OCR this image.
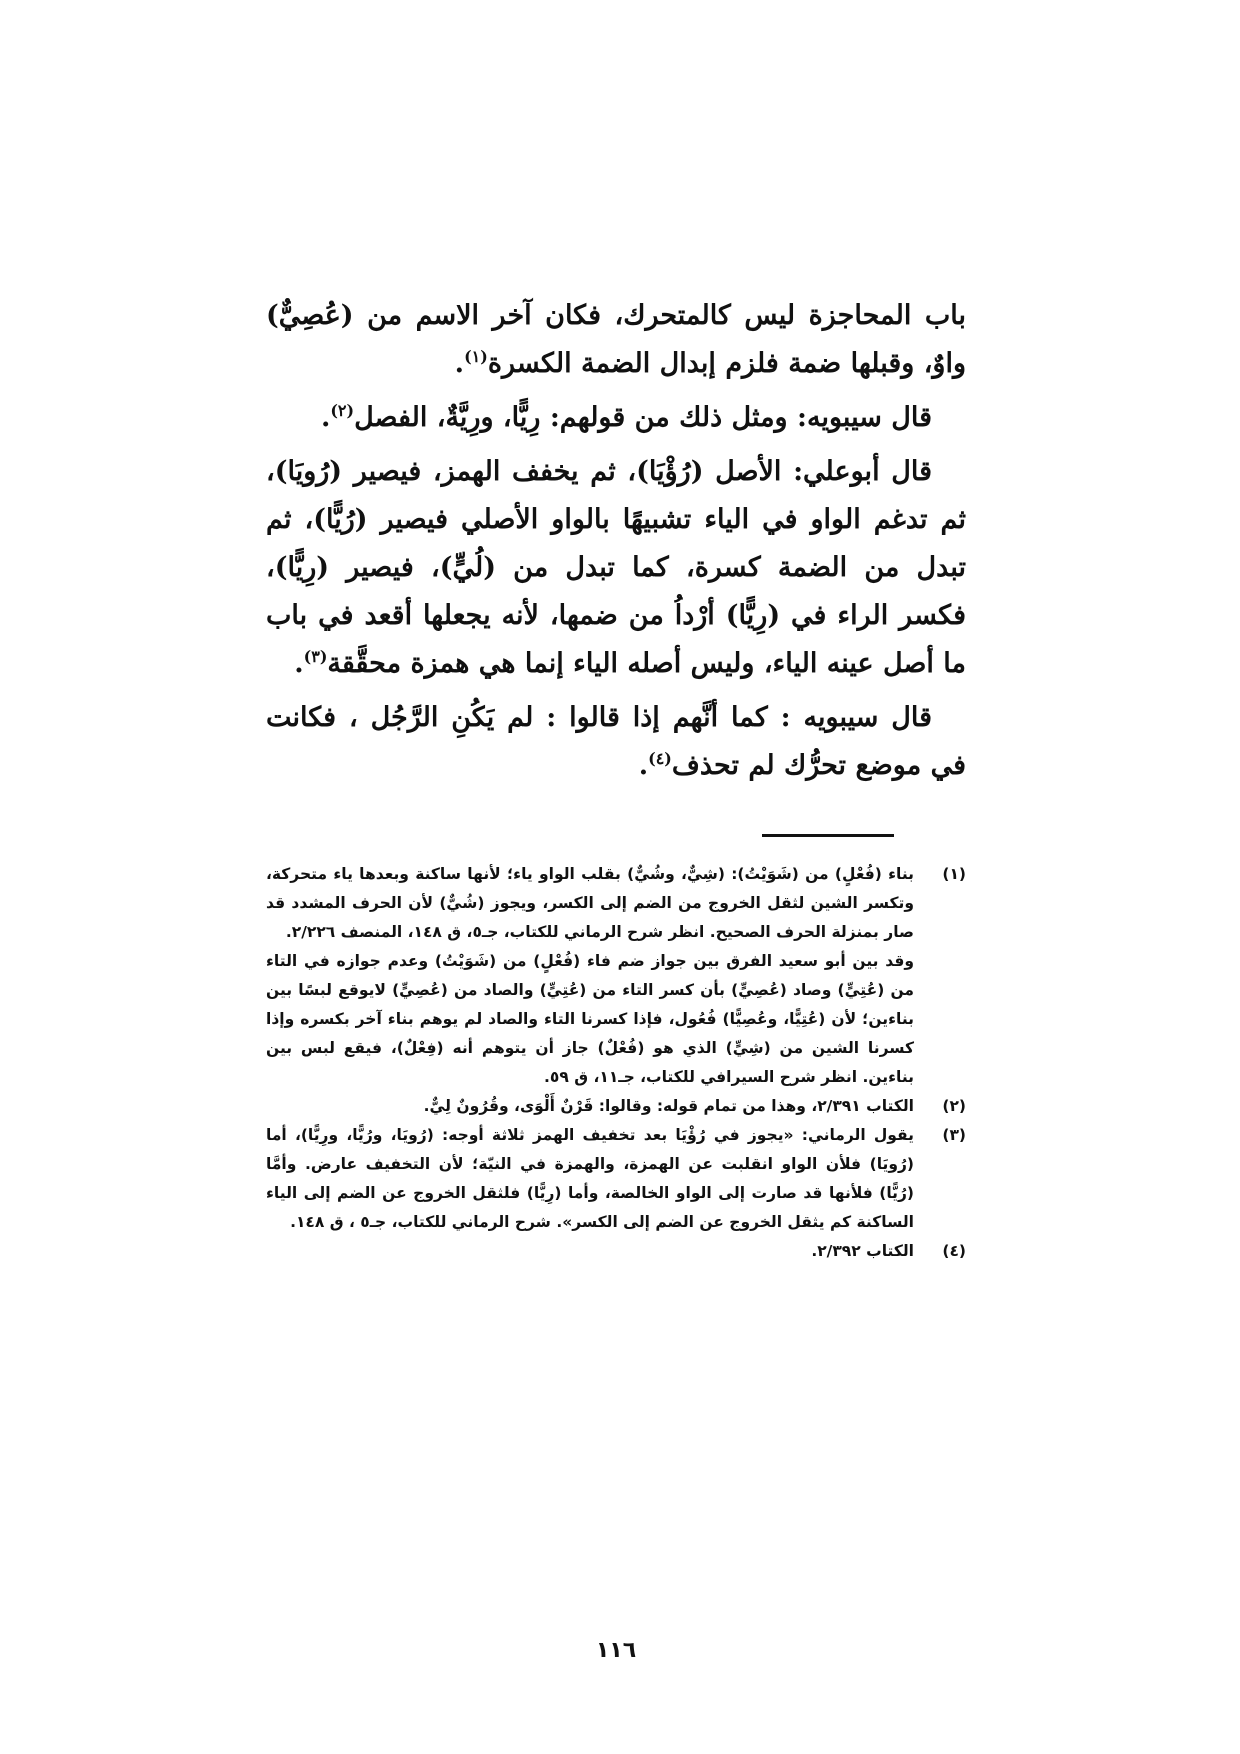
باب المحاجزة ليس كالمتحرك، فكان آخر الاسم من (عُصِيٌّ) واوٌ، وقبلها ضمة فلزم إبدال الضمة الكسرة$^{(١)}$.

قال سيبويه: ومثل ذلك من قولهم: رِيًّا، ورِيَّةٌ، الفصل$^{(٢)}$.

قال أبوعلي: الأصل (رُؤْيَا)، ثم يخفف الهمز، فيصير (رُويَا)، ثم تدغم الواو في الياء تشبيهًا بالواو الأصلي فيصير (رُيًّا)، ثم تبدل من الضمة كسرة، كما تبدل من (لُيٍّ)، فيصير (رِيًّا)، فكسر الراء في (رِيًّا) أرْداُ من ضمها، لأنه يجعلها أقعد في باب ما أصل عينه الياء، وليس أصله الياء إنما هي همزة محقَّقة$^{(٣)}$.

قال سيبويه : كما أنَّهم إذا قالوا : لم يَكُنِ الرَّجُل ، فكانت في موضع تحرُّك لم تحذف$^{(٤)}$.

(١)

بناء (فُعْلٍ) من (شَوَيْتُ): (شِيٌّ، وشُيٌّ) بقلب الواو ياء؛ لأنها ساكنة وبعدها ياء متحركة، وتكسر الشين لثقل الخروج من الضم إلى الكسر، ويجوز (شُيٌّ) لأن الحرف المشدد قد صار بمنزلة الحرف الصحيح. انظر شرح الرماني للكتاب، جـ٥، ق ١٤٨، المنصف ٢/٢٢٦.

وقد بين أبو سعيد الفرق بين جواز ضم فاء (فُعْلٍ) من (شَوَيْتُ) وعدم جوازه في التاء من (عُتِيٍّ) وصاد (عُصِيٍّ) بأن كسر التاء من (عُتِيٍّ) والصاد من (عُصِيٍّ) لايوقع لبسًا بين بناءين؛ لأن (عُتِيًّا، وعُصِيًّا) فُعُول، فإذا كسرنا التاء والصاد لم يوهم بناء آخر بكسره وإذا كسرنا الشين من (شِيٍّ) الذي هو (فُعْلٌ) جاز أن يتوهم أنه (فِعْلٌ)، فيقع لبس بين بناءين. انظر شرح السيرافي للكتاب، جـ١١، ق ٥٩.

(٢)

الكتاب ٢/٣٩١، وهذا من تمام قوله: وقالوا: قَرْنٌ أَلْوَى، وقُرُونٌ لِيٌّ.

(٣)

يقول الرماني: «يجوز في رُؤْيَا بعد تخفيف الهمز ثلاثة أوجه: (رُويَا، ورُيًّا، ورِيًّا)، أما (رُويَا) فلأن الواو انقلبت عن الهمزة، والهمزة في النيّة؛ لأن التخفيف عارض. وأمَّا (رُيًّا) فلأنها قد صارت إلى الواو الخالصة، وأما (رِيًّا) فلثقل الخروج عن الضم إلى الياء الساكنة كم يثقل الخروج عن الضم إلى الكسر». شرح الرماني للكتاب، جـ٥ ، ق ١٤٨.

(٤)

الكتاب ٢/٣٩٢.

١١٦
